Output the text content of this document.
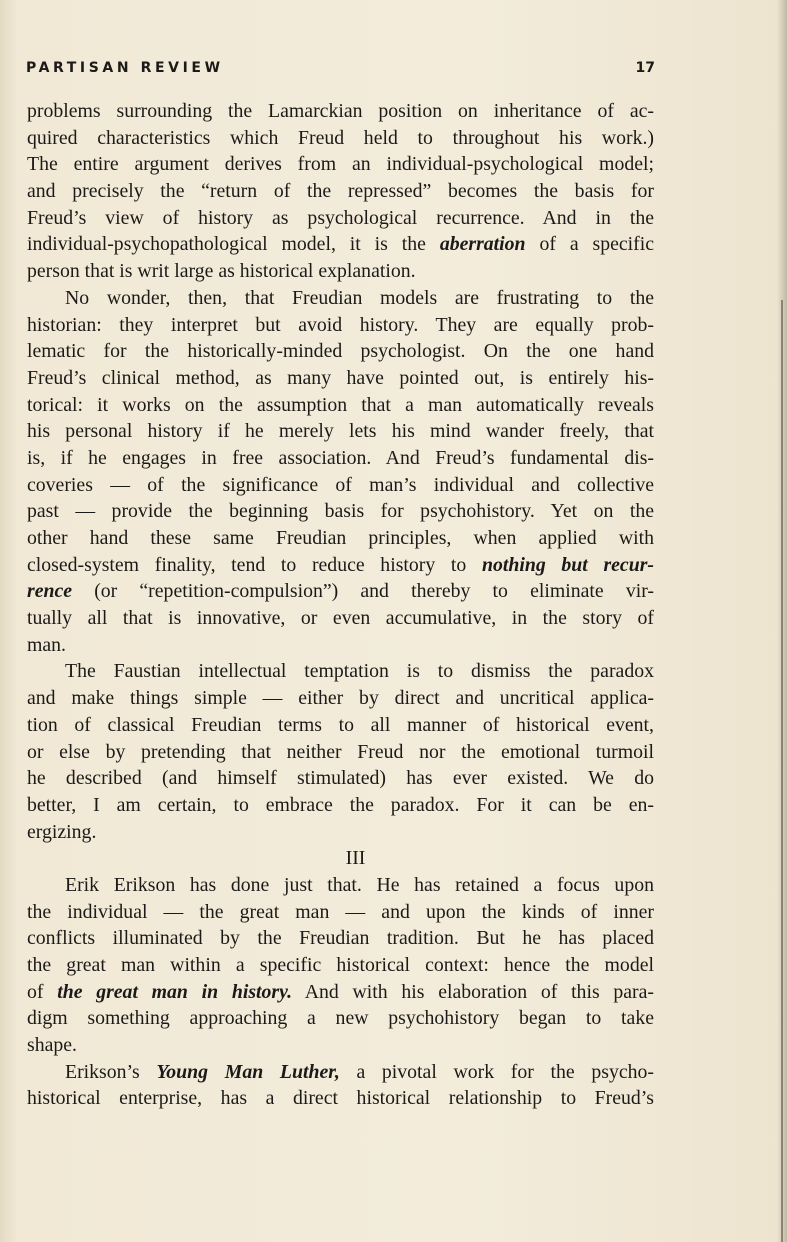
PARTISAN REVIEW	17
problems surrounding the Lamarckian position on inheritance of ac-
quired characteristics which Freud held to throughout his work.)
The entire argument derives from an individual-psychological model;
and precisely the “return of the repressed” becomes the basis for
Freud’s view of history as psychological recurrence. And in the
individual-psychopathological model, it is the aberration of a specific
person that is writ large as historical explanation.
No wonder, then, that Freudian models are frustrating to the
historian: they interpret but avoid history. They are equally prob-
lematic for the historically-minded psychologist. On the one hand
Freud’s clinical method, as many have pointed out, is entirely his-
torical: it works on the assumption that a man automatically reveals
his personal history if he merely lets his mind wander freely, that
is, if he engages in free association. And Freud’s fundamental dis-
coveries — of the significance of man’s individual and collective
past — provide the beginning basis for psychohistory. Yet on the
other hand these same Freudian principles, when applied with
closed-system finality, tend to reduce history to nothing but recur-
rence (or “repetition-compulsion”) and thereby to eliminate vir-
tually all that is innovative, or even accumulative, in the story of
man.
The Faustian intellectual temptation is to dismiss the paradox
and make things simple — either by direct and uncritical applica-
tion of classical Freudian terms to all manner of historical event,
or else by pretending that neither Freud nor the emotional turmoil
he described (and himself stimulated) has ever existed. We do
better, I am certain, to embrace the paradox. For it can be en-
ergizing.
III
Erik Erikson has done just that. He has retained a focus upon
the individual — the great man — and upon the kinds of inner
conflicts illuminated by the Freudian tradition. But he has placed
the great man within a specific historical context: hence the model
of the great man in history. And with his elaboration of this para-
digm something approaching a new psychohistory began to take
shape.
Erikson’s Young Man Luther, a pivotal work for the psycho-
historical enterprise, has a direct historical relationship to Freud’s
